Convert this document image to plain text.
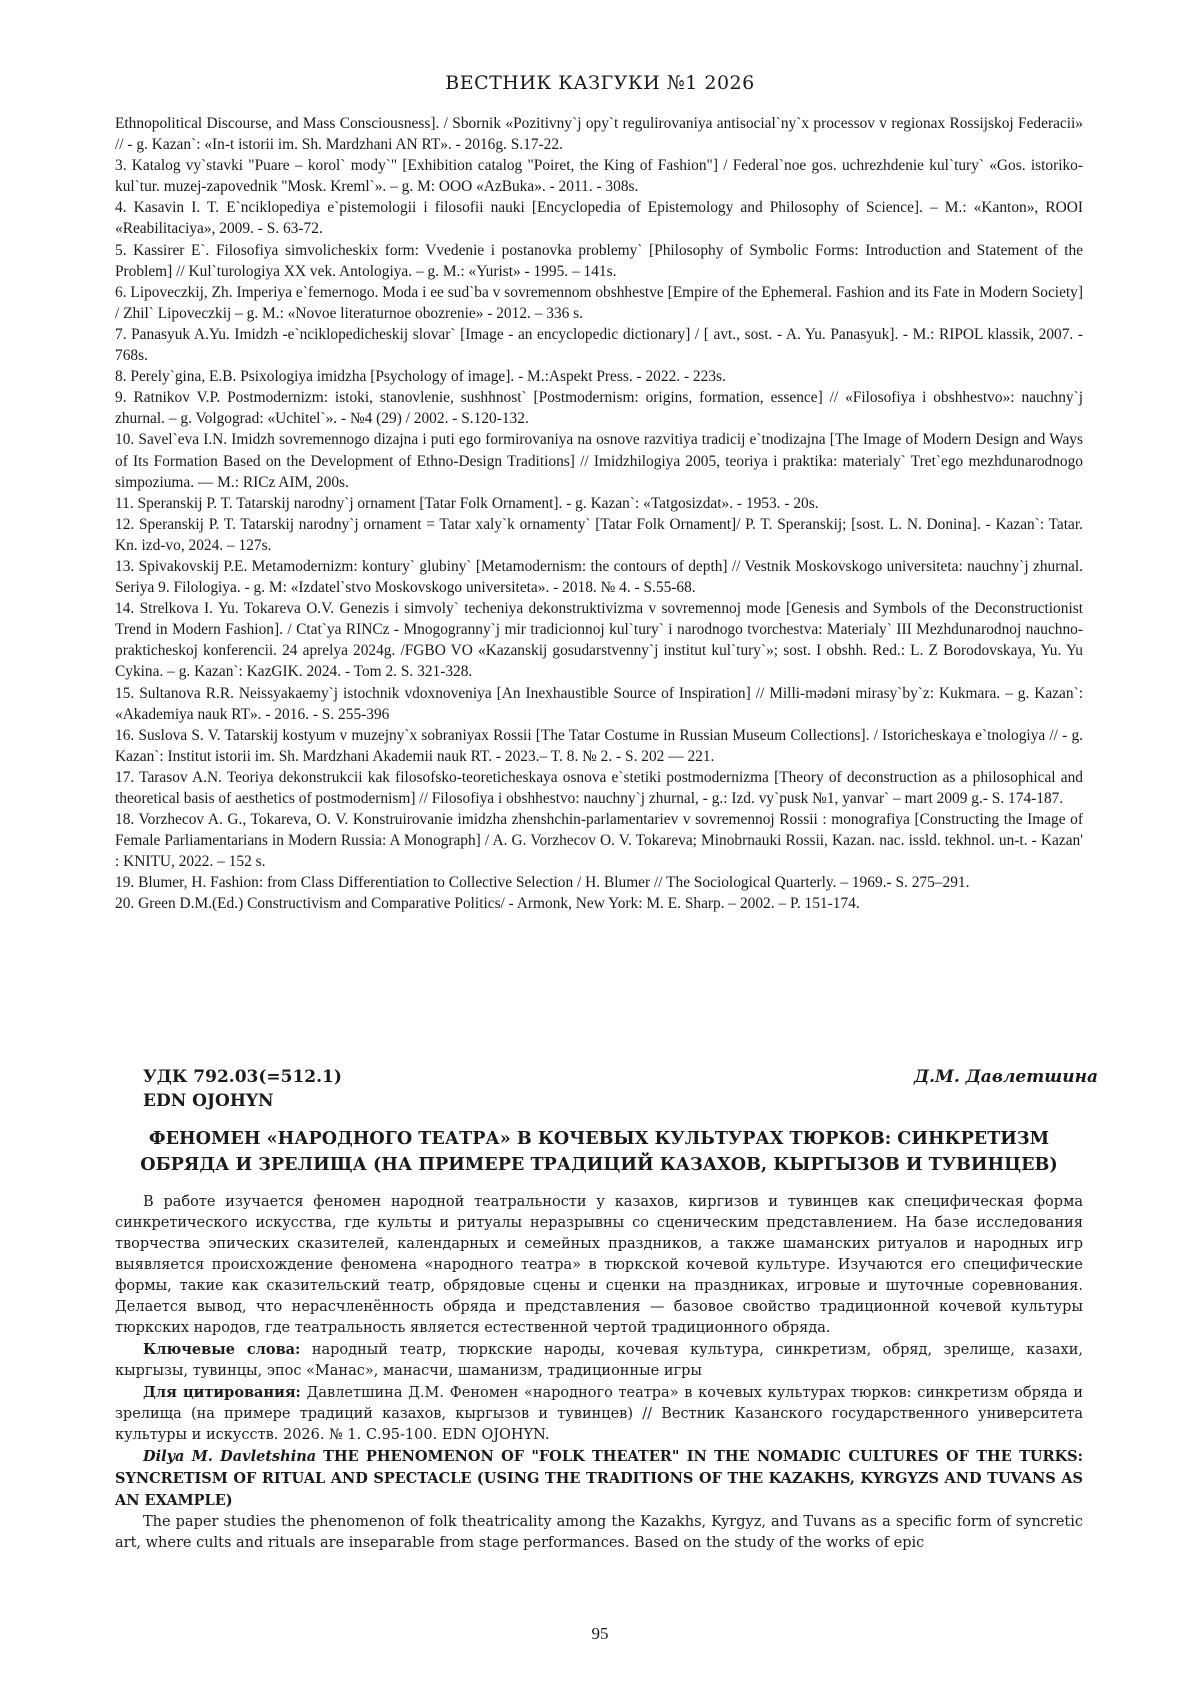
ВЕСТНИК КАЗГУКИ №1 2026

Ethnopolitical Discourse, and Mass Consciousness]. / Sbornik «Pozitivny`j opy`t regulirovaniya antisocial`ny`x processov v regionax Rossijskoj Federacii» // - g. Kazan`: «In-t istorii im. Sh. Mardzhani AN RT». - 2016g. S.17-22.

3. Katalog vy`stavki "Puare – korol` mody`" [Exhibition catalog "Poiret, the King of Fashion"] / Federal`noe gos. uchrezhdenie kul`tury` «Gos. istoriko-kul`tur. muzej-zapovednik "Mosk. Kreml`». – g. M: OOO «AzBuka». - 2011. - 308s.

4. Kasavin I. T. E`nciklopediya e`pistemologii i filosofii nauki [Encyclopedia of Epistemology and Philosophy of Science]. – M.: «Kanton», ROOI «Reabilitaciya», 2009. - S. 63-72.

5. Kassirer E`. Filosofiya simvolicheskix form: Vvedenie i postanovka problemy` [Philosophy of Symbolic Forms: Introduction and Statement of the Problem] // Kul`turologiya XX vek. Antologiya. – g. M.: «Yurist» - 1995. – 141s.

6. Lipoveczkij, Zh. Imperiya e`femernogo. Moda i ee sud`ba v sovremennom obshhestve [Empire of the Ephemeral. Fashion and its Fate in Modern Society] / Zhil` Lipoveczkij – g. M.: «Novoe literaturnoe obozrenie» - 2012. – 336 s.

7. Panasyuk A.Yu. Imidzh -e`nciklopedicheskij slovar` [Image - an encyclopedic dictionary] / [ avt., sost. - A. Yu. Panasyuk]. - M.: RIPOL klassik, 2007. - 768s.

8. Perely`gina, E.B. Psixologiya imidzha [Psychology of image]. - M.:Aspekt Press. - 2022. - 223s.

9. Ratnikov V.P. Postmodernizm: istoki, stanovlenie, sushhnost` [Postmodernism: origins, formation, essence] // «Filosofiya i obshhestvo»: nauchny`j zhurnal. – g. Volgograd: «Uchitel`». - №4 (29) / 2002. - S.120-132.

10. Savel`eva I.N. Imidzh sovremennogo dizajna i puti ego formirovaniya na osnove razvitiya tradicij e`tnodizajna [The Image of Modern Design and Ways of Its Formation Based on the Development of Ethno-Design Traditions] // Imidzhilogiya 2005, teoriya i praktika: materialy` Tret`ego mezhdunarodnogo simpoziuma. — M.: RICz AIM, 200s.

11. Speranskij P. T. Tatarskij narodny`j ornament [Tatar Folk Ornament]. - g. Kazan`: «Tatgosizdat». - 1953. - 20s.

12. Speranskij P. T. Tatarskij narodny`j ornament = Tatar xaly`k ornamenty` [Tatar Folk Ornament]/ P. T. Speranskij; [sost. L. N. Donina]. - Kazan`: Tatar. Kn. izd-vo, 2024. – 127s.

13. Spivakovskij P.E. Metamodernizm: kontury` glubiny` [Metamodernism: the contours of depth] // Vestnik Moskovskogo universiteta: nauchny`j zhurnal. Seriya 9. Filologiya. - g. M: «Izdatel`stvo Moskovskogo universiteta». - 2018. № 4. - S.55-68.

14. Strelkova I. Yu. Tokareva O.V. Genezis i simvoly` techeniya dekonstruktivizma v sovremennoj mode [Genesis and Symbols of the Deconstructionist Trend in Modern Fashion]. / Ctat`ya RINCz - Mnogogranny`j mir tradicionnoj kul`tury` i narodnogo tvorchestva: Materialy` III Mezhdunarodnoj nauchno-prakticheskoj konferencii. 24 aprelya 2024g. /FGBO VO «Kazanskij gosudarstvenny`j institut kul`tury`»; sost. I obshh. Red.: L. Z Borodovskaya, Yu. Yu Cykina. – g. Kazan`: KazGIK. 2024. - Tom 2. S. 321-328.

15. Sultanova R.R. Neissyakaemy`j istochnik vdoxnoveniya [An Inexhaustible Source of Inspiration] // Milli-mədəni mirasy`by`z: Kukmara. – g. Kazan`: «Akademiya nauk RT». - 2016. - S. 255-396

16. Suslova S. V. Tatarskij kostyum v muzejny`x sobraniyax Rossii [The Tatar Costume in Russian Museum Collections]. / Istoricheskaya e`tnologiya // - g. Kazan`: Institut istorii im. Sh. Mardzhani Akademii nauk RT. - 2023.– T. 8. № 2. - S. 202 — 221.

17. Tarasov A.N. Teoriya dekonstrukcii kak filosofsko-teoreticheskaya osnova e`stetiki postmodernizma [Theory of deconstruction as a philosophical and theoretical basis of aesthetics of postmodernism] // Filosofiya i obshhestvo: nauchny`j zhurnal, - g.: Izd. vy`pusk №1, yanvar` – mart 2009 g.- S. 174-187.

18. Vorzhecov A. G., Tokareva, O. V. Konstruirovanie imidzha zhenshchin-parlamentariev v sovremennoj Rossii : monografiya [Constructing the Image of Female Parliamentarians in Modern Russia: A Monograph] / A. G. Vorzhecov O. V. Tokareva; Minobrnauki Rossii, Kazan. nac. issld. tekhnol. un-t. - Kazan' : KNITU, 2022. – 152 s.

19. Blumer, H. Fashion: from Class Differentiation to Collective Selection / H. Blumer // The Sociological Quarterly. – 1969.- S. 275–291.

20. Green D.M.(Ed.) Constructivism and Comparative Politics/ - Armonk, New York: M. E. Sharp. – 2002. – P. 151-174.

УДК 792.03(=512.1)	Д.М. Давлетшина
EDN OJOHYN
ФЕНОМЕН «НАРОДНОГО ТЕАТРА» В КОЧЕВЫХ КУЛЬТУРАХ ТЮРКОВ: СИНКРЕТИЗМ
ОБРЯДА И ЗРЕЛИЩА (НА ПРИМЕРЕ ТРАДИЦИЙ КАЗАХОВ, КЫРГЫЗОВ И ТУВИНЦЕВ)

В работе изучается феномен народной театральности у казахов, киргизов и тувинцев как специфическая форма синкретического искусства, где культы и ритуалы неразрывны со сценическим представлением. На базе исследования творчества эпических сказителей, календарных и семейных праздников, а также шаманских ритуалов и народных игр выявляется происхождение феномена «народного театра» в тюркской кочевой культуре. Изучаются его специфические формы, такие как сказительский театр, обрядовые сцены и сценки на праздниках, игровые и шуточные соревнования. Делается вывод, что нерасчленённость обряда и представления — базовое свойство традиционной кочевой культуры тюркских народов, где театральность является естественной чертой традиционного обряда.

Ключевые слова: народный театр, тюркские народы, кочевая культура, синкретизм, обряд, зрелище, казахи, кыргызы, тувинцы, эпос «Манас», манасчи, шаманизм, традиционные игры

Для цитирования: Давлетшина Д.М. Феномен «народного театра» в кочевых культурах тюрков: синкретизм обряда и зрелища (на примере традиций казахов, кыргызов и тувинцев) // Вестник Казанского государственного университета культуры и искусств. 2026. № 1. С.95-100. EDN OJOHYN.

Dilya M. Davletshina THE PHENOMENON OF "FOLK THEATER" IN THE NOMADIC CULTURES OF THE TURKS: SYNCRETISM OF RITUAL AND SPECTACLE (USING THE TRADITIONS OF THE KAZAKHS, KYRGYZS AND TUVANS AS AN EXAMPLE)

The paper studies the phenomenon of folk theatricality among the Kazakhs, Kyrgyz, and Tuvans as a specific form of syncretic art, where cults and rituals are inseparable from stage performances. Based on the study of the works of epic

95
